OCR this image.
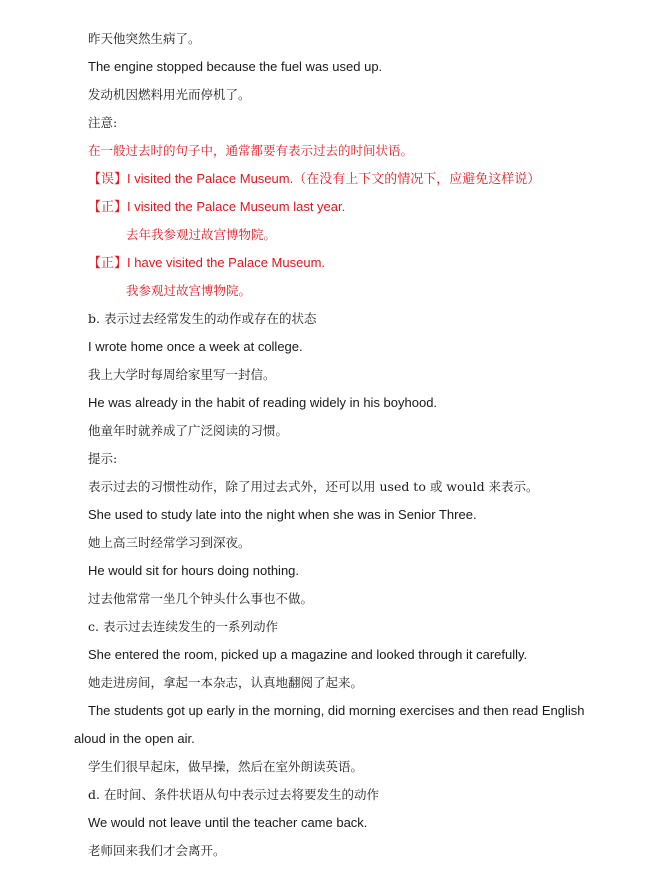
昨天他突然生病了。
The engine stopped because the fuel was used up.
发动机因燃料用光而停机了。
注意:
在一般过去时的句子中，通常都要有表示过去的时间状语。
【误】I visited the Palace Museum.（在没有上下文的情况下，应避免这样说）
【正】I visited the Palace Museum last year.
去年我参观过故宫博物院。
【正】I have visited the Palace Museum.
我参观过故宫博物院。
b. 表示过去经常发生的动作或存在的状态
I wrote home once a week at college.
我上大学时每周给家里写一封信。
He was already in the habit of reading widely in his boyhood.
他童年时就养成了广泛阅读的习惯。
提示:
表示过去的习惯性动作，除了用过去式外，还可以用 used to 或 would 来表示。
She used to study late into the night when she was in Senior Three.
她上高三时经常学习到深夜。
He would sit for hours doing nothing.
过去他常常一坐几个钟头什么事也不做。
c. 表示过去连续发生的一系列动作
She entered the room, picked up a magazine and looked through it carefully.
她走进房间，拿起一本杂志，认真地翻阅了起来。
The students got up early in the morning, did morning exercises and then read English
aloud in the open air.
学生们很早起床，做早操，然后在室外朗读英语。
d. 在时间、条件状语从句中表示过去将要发生的动作
We would not leave until the teacher came back.
老师回来我们才会离开。
